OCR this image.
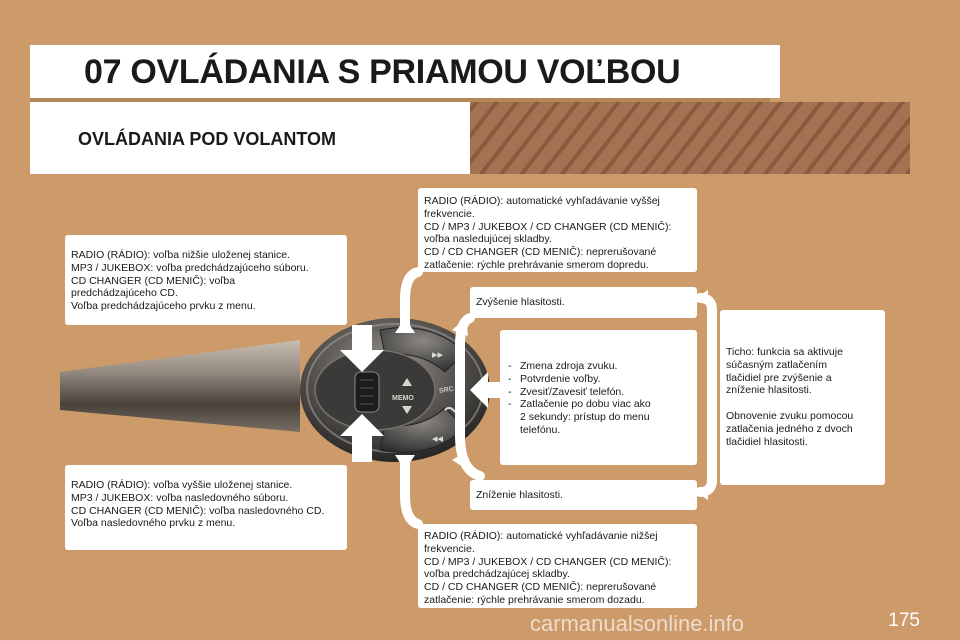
07 OVLÁDANIA S PRIAMOU VOĽBOU
OVLÁDANIA POD VOLANTOM
MEMO
SRC
▸▸
◂◂

RADIO (RÁDIO): voľba nižšie uloženej stanice.
MP3 / JUKEBOX: voľba predchádzajúceho súboru.
CD CHANGER (CD MENIČ): voľba
predchádzajúceho CD.
Voľba predchádzajúceho prvku z menu.

RADIO (RÁDIO): voľba vyššie uloženej stanice.
MP3 / JUKEBOX: voľba nasledovného súboru.
CD CHANGER (CD MENIČ): voľba nasledovného CD.
Voľba nasledovného prvku z menu.

RADIO (RÁDIO): automatické vyhľadávanie vyššej
frekvencie.
CD / MP3 / JUKEBOX / CD CHANGER (CD MENIČ):
voľba nasledujúcej skladby.
CD / CD CHANGER (CD MENIČ): neprerušované
zatlačenie: rýchle prehrávanie smerom dopredu.

RADIO (RÁDIO): automatické vyhľadávanie nižšej
frekvencie.
CD / MP3 / JUKEBOX / CD CHANGER (CD MENIČ):
voľba predchádzajúcej skladby.
CD / CD CHANGER (CD MENIČ): neprerušované
zatlačenie: rýchle prehrávanie smerom dozadu.

Zvýšenie hlasitosti.

Zníženie hlasitosti.

- Zmena zdroja zvuku.
- Potvrdenie voľby.
- Zvesiť/Zavesiť telefón.
- Zatlačenie po dobu viac ako
2 sekundy: prístup do menu
telefónu.

Ticho: funkcia sa aktivuje
súčasným zatlačením
tlačidiel pre zvýšenie a
zníženie hlasitosti.

Obnovenie zvuku pomocou
zatlačenia jedného z dvoch
tlačidiel hlasitosti.

carmanualsonline.info	175
